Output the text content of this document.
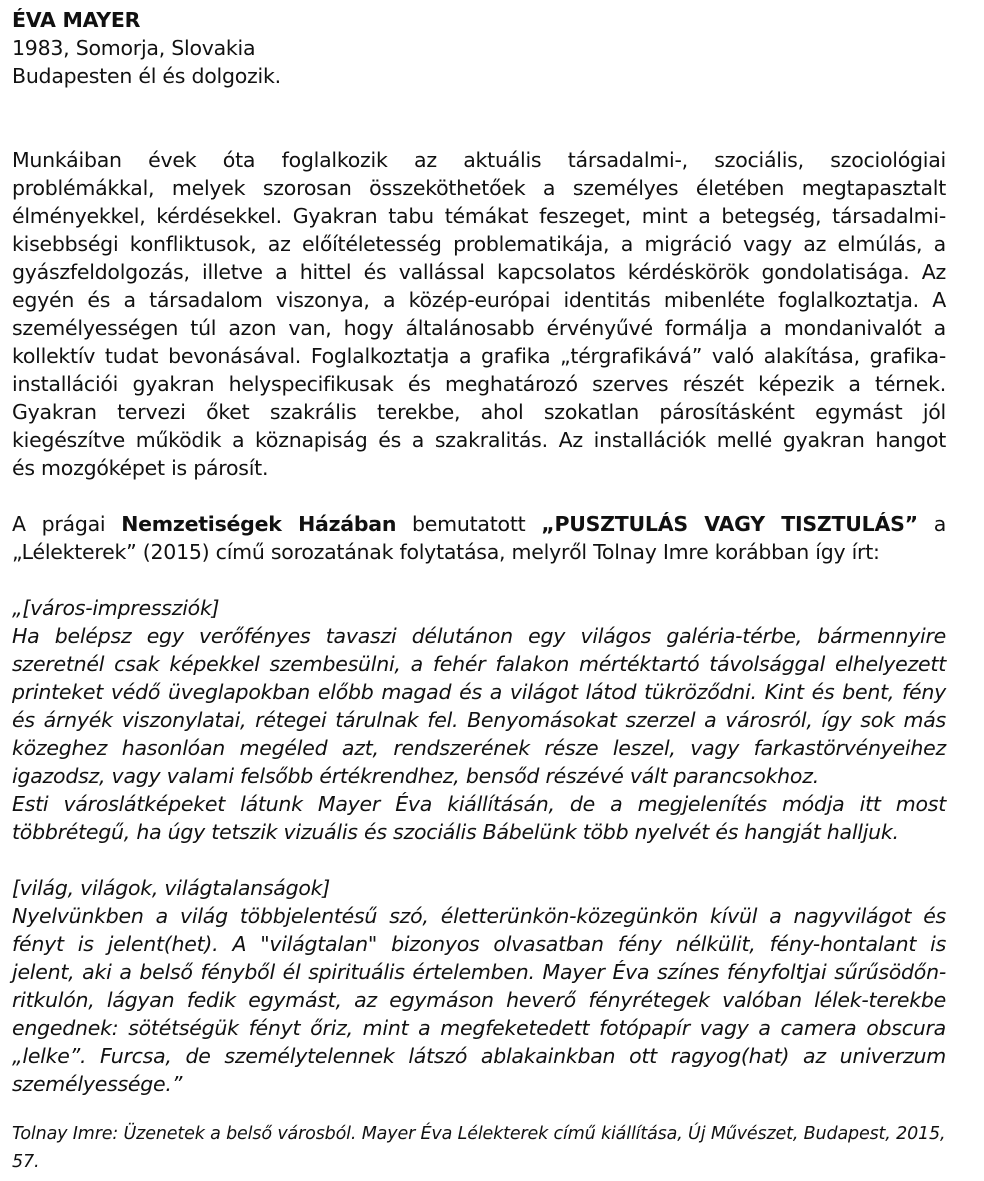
ÉVA MAYER
1983, Somorja, Slovakia
Budapesten él és dolgozik.
Munkáiban évek óta foglalkozik az aktuális társadalmi-, szociális, szociológiai
problémákkal, melyek szorosan összeköthetőek a személyes életében megtapasztalt
élményekkel, kérdésekkel. Gyakran tabu témákat feszeget, mint a betegség, társadalmi-
kisebbségi konfliktusok, az előítéletesség problematikája, a migráció vagy az elmúlás, a
gyászfeldolgozás, illetve a hittel és vallással kapcsolatos kérdéskörök gondolatisága. Az
egyén és a társadalom viszonya, a közép-európai identitás mibenléte foglalkoztatja. A
személyességen túl azon van, hogy általánosabb érvényűvé formálja a mondanivalót a
kollektív tudat bevonásával. Foglalkoztatja a grafika „térgrafikává” való alakítása, grafika-
installációi gyakran helyspecifikusak és meghatározó szerves részét képezik a térnek.
Gyakran tervezi őket szakrális terekbe, ahol szokatlan párosításként egymást jól
kiegészítve működik a köznapiság és a szakralitás. Az installációk mellé gyakran hangot
és mozgóképet is párosít.
A prágai Nemzetiségek Házában bemutatott „PUSZTULÁS VAGY TISZTULÁS” a
„Lélekterek” (2015) című sorozatának folytatása, melyről Tolnay Imre korábban így írt:
„[város-impressziók]
Ha belépsz egy verőfényes tavaszi délutánon egy világos galéria-térbe, bármennyire
szeretnél csak képekkel szembesülni, a fehér falakon mértéktartó távolsággal elhelyezett
printeket védő üveglapokban előbb magad és a világot látod tükröződni. Kint és bent, fény
és árnyék viszonylatai, rétegei tárulnak fel. Benyomásokat szerzel a városról, így sok más
közeghez hasonlóan megéled azt, rendszerének része leszel, vagy farkastörvényeihez
igazodsz, vagy valami felsőbb értékrendhez, bensőd részévé vált parancsokhoz.
Esti városlátképeket látunk Mayer Éva kiállításán, de a megjelenítés módja itt most
többrétegű, ha úgy tetszik vizuális és szociális Bábelünk több nyelvét és hangját halljuk.
[világ, világok, világtalanságok]
Nyelvünkben a világ többjelentésű szó, életterünkön-közegünkön kívül a nagyvilágot és
fényt is jelent(het). A "világtalan" bizonyos olvasatban fény nélkülit, fény-hontalant is
jelent, aki a belső fényből él spirituális értelemben. Mayer Éva színes fényfoltjai sűrűsödőn-
ritkulón, lágyan fedik egymást, az egymáson heverő fényrétegek valóban lélek-terekbe
engednek: sötétségük fényt őriz, mint a megfeketedett fotópapír vagy a camera obscura
„lelke”. Furcsa, de személytelennek látszó ablakainkban ott ragyog(hat) az univerzum
személyessége.”
Tolnay Imre: Üzenetek a belső városból. Mayer Éva Lélekterek című kiállítása, Új Művészet, Budapest, 2015,
57.
